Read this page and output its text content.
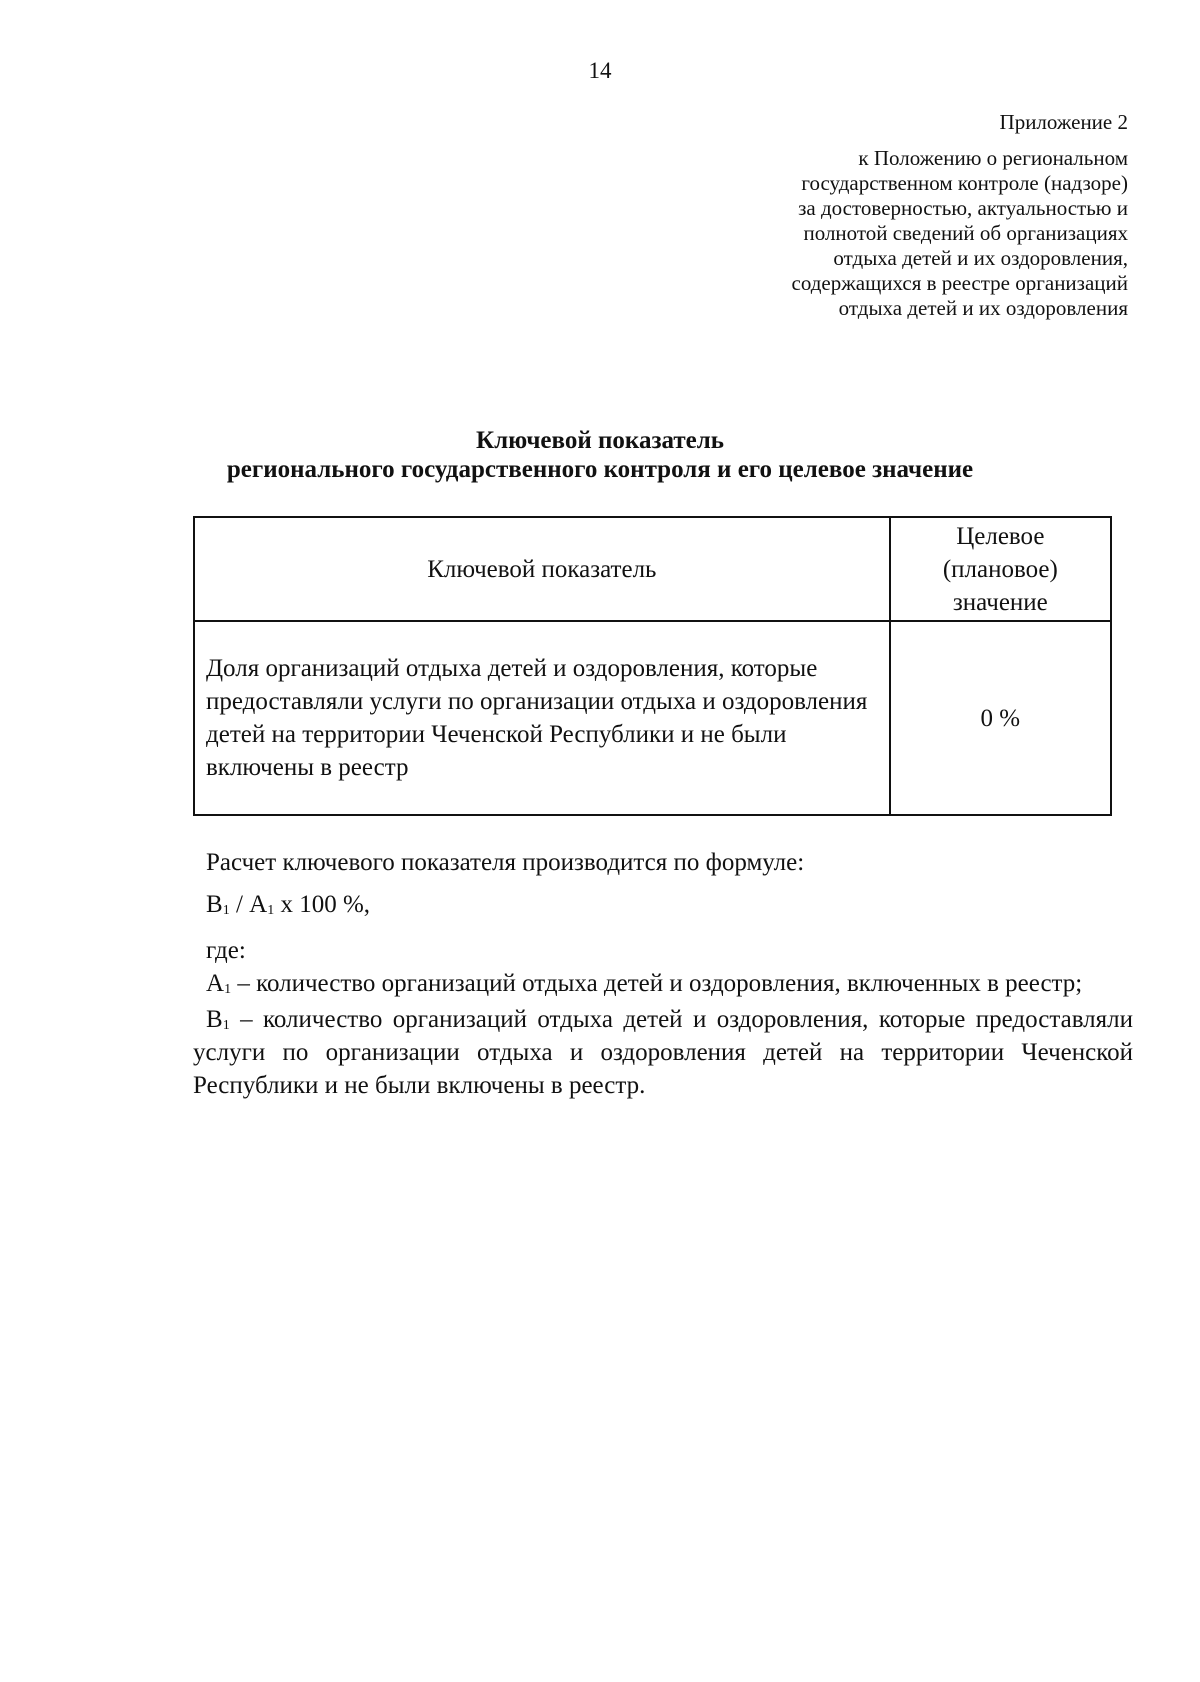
14
Приложение 2
к Положению о региональном
государственном контроле (надзоре)
за достоверностью, актуальностью и
полнотой сведений об организациях
отдыха детей и их оздоровления,
содержащихся в реестре организаций
отдыха детей и их оздоровления
Ключевой показатель
регионального государственного контроля и его целевое значение
Ключевой показатель	Целевое
(плановое)
значение

Доля организаций отдыха детей и оздоровления, которые предоставляли услуги по организации отдыха и оздоровления детей на территории Чеченской Республики и не были включены в реестр	0 %
Расчет ключевого показателя производится по формуле:
$B_1 / А_1$ х 100 %,
где:
$А_1$ – количество организаций отдыха детей и оздоровления, включенных в реестр;
$B_1$ – количество организаций отдыха детей и оздоровления, которые предоставляли услуги по организации отдыха и оздоровления детей на территории Чеченской Республики и не были включены в реестр.
